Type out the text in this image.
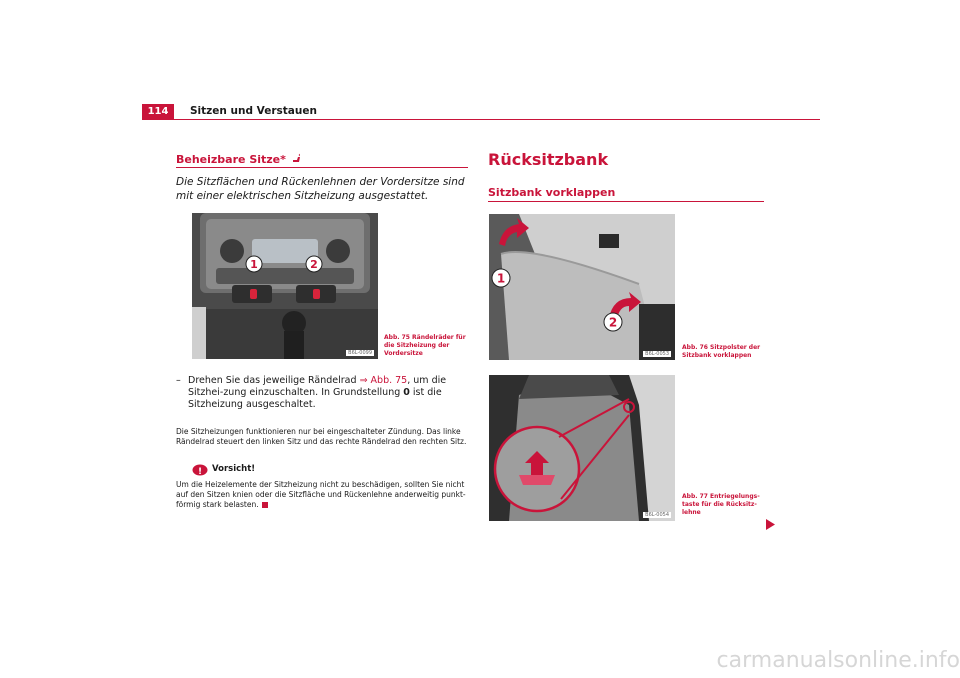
114	Sitzen und Verstauen
Beheizbare Sitze*
Die Sitzflächen und Rückenlehnen der Vordersitze sind mit einer elektrischen Sitzheizung ausgestattet.
1	2
B6L-0099
Abb. 75 Rändelräder für die Sitzheizung der Vordersitze
– Drehen Sie das jeweilige Rändelrad ⇒ Abb. 75, um die Sitzhei-zung einzuschalten. In Grundstellung 0 ist die Sitzheizung ausgeschaltet.
Die Sitzheizungen funktionieren nur bei eingeschalteter Zündung. Das linke Rändelrad steuert den linken Sitz und das rechte Rändelrad den rechten Sitz.
! Vorsicht!
Um die Heizelemente der Sitzheizung nicht zu beschädigen, sollten Sie nicht auf den Sitzen knien oder die Sitzfläche und Rückenlehne anderweitig punkt-förmig stark belasten.
Rücksitzbank
Sitzbank vorklappen
1
2
B6L-0053
Abb. 76 Sitzpolster der Sitzbank vorklappen
B6L-0054
Abb. 77 Entriegelungs-taste für die Rücksitz-lehne
carmanualsonline.info
